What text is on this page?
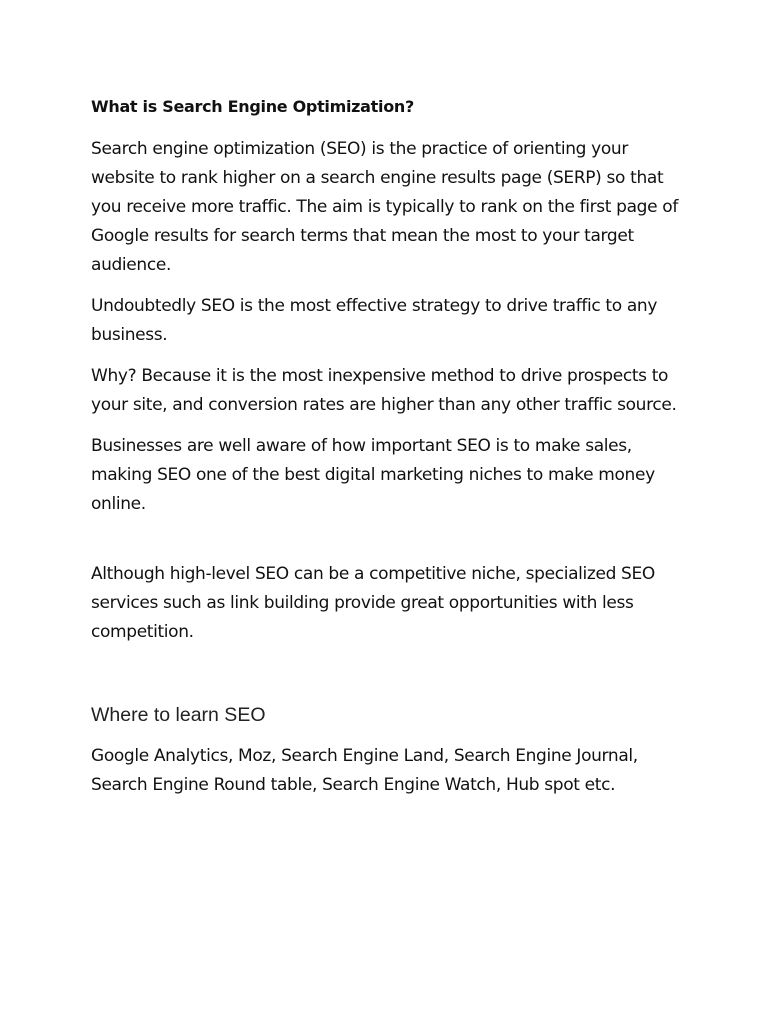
What is Search Engine Optimization?

Search engine optimization (SEO) is the practice of orienting your website to rank higher on a search engine results page (SERP) so that you receive more traffic. The aim is typically to rank on the first page of Google results for search terms that mean the most to your target audience.

Undoubtedly SEO is the most effective strategy to drive traffic to any business.

Why? Because it is the most inexpensive method to drive prospects to your site, and conversion rates are higher than any other traffic source.

Businesses are well aware of how important SEO is to make sales, making SEO one of the best digital marketing niches to make money online.

Although high-level SEO can be a competitive niche, specialized SEO services such as link building provide great opportunities with less competition.

Where to learn SEO

Google Analytics, Moz, Search Engine Land, Search Engine Journal, Search Engine Round table, Search Engine Watch, Hub spot etc.
